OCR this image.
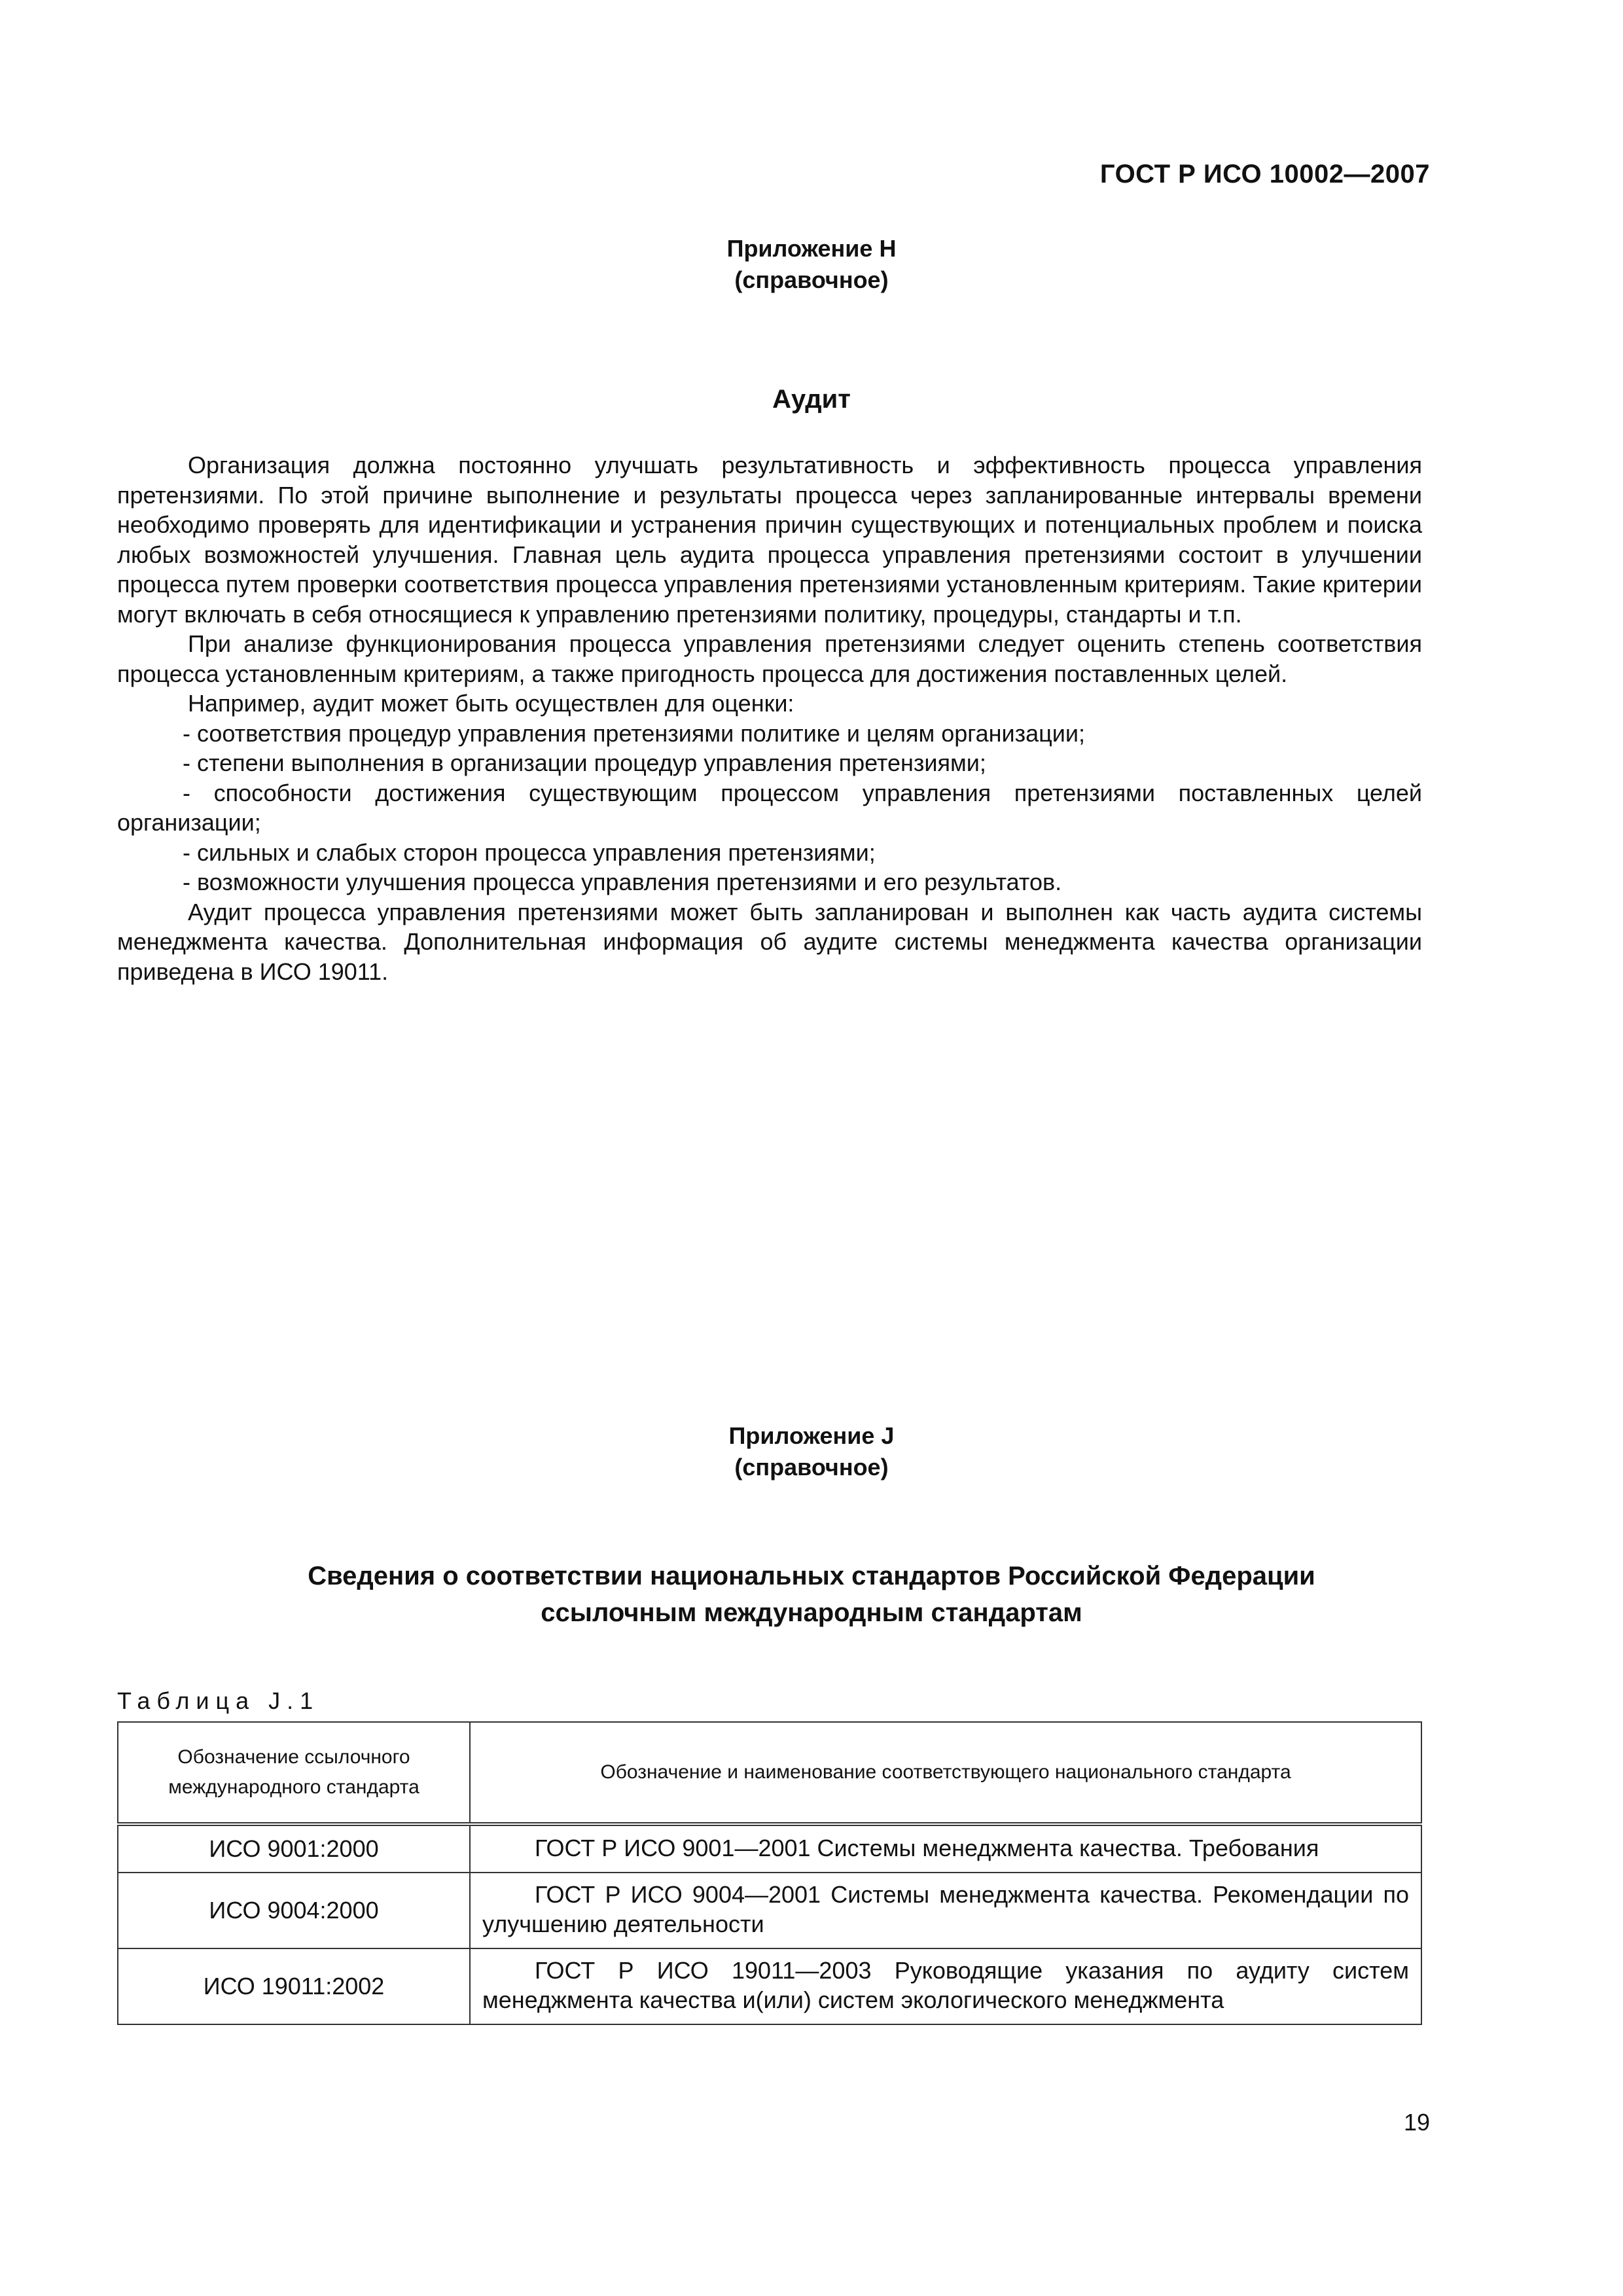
ГОСТ Р ИСО 10002—2007
Приложение H
(справочное)
Аудит

Организация должна постоянно улучшать результативность и эффективность процесса управления претензиями. По этой причине выполнение и результаты процесса через запланированные интервалы времени необходимо проверять для идентификации и устранения причин существующих и потенциальных проблем и поиска любых возможностей улучшения. Главная цель аудита процесса управления претензиями состоит в улучшении процесса путем проверки соответствия процесса управления претензиями установленным критериям. Такие критерии могут включать в себя относящиеся к управлению претензиями политику, процедуры, стандарты и т.п.

При анализе функционирования процесса управления претензиями следует оценить степень соответствия процесса установленным критериям, а также пригодность процесса для достижения поставленных целей.

Например, аудит может быть осуществлен для оценки:

- соответствия процедур управления претензиями политике и целям организации;

- степени выполнения в организации процедур управления претензиями;

- способности достижения существующим процессом управления претензиями поставленных целей организации;

- сильных и слабых сторон процесса управления претензиями;

- возможности улучшения процесса управления претензиями и его результатов.

Аудит процесса управления претензиями может быть запланирован и выполнен как часть аудита системы менеджмента качества. Дополнительная информация об аудите системы менеджмента качества организации приведена в ИСО 19011.

Приложение J
(справочное)
Сведения о соответствии национальных стандартов Российской Федерации
ссылочным международным стандартам
Таблица J.1
Обозначение ссылочного международного стандарта	Обозначение и наименование соответствующего национального стандарта
ИСО 9001:2000	ГОСТ Р ИСО 9001—2001 Системы менеджмента качества. Требования

ИСО 9004:2000	ГОСТ Р ИСО 9004—2001 Системы менеджмента качества. Рекомендации по улучшению деятельности

ИСО 19011:2002	ГОСТ Р ИСО 19011—2003 Руководящие указания по аудиту систем менеджмента качества и(или) систем экологического менеджмента
19
